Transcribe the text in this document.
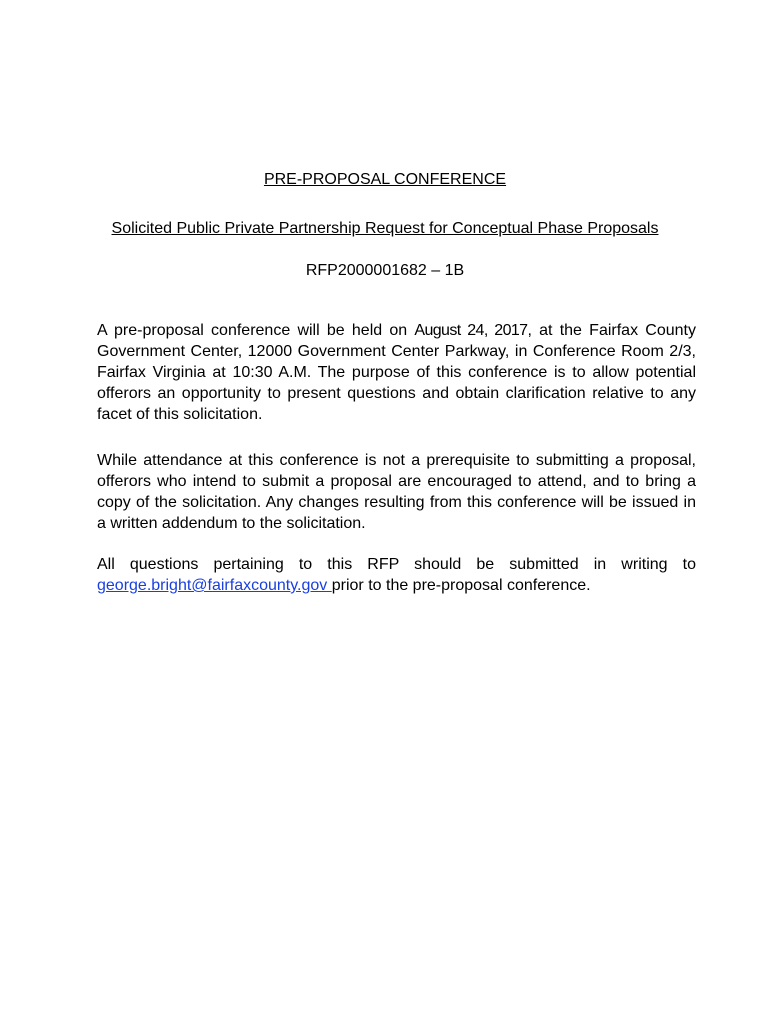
PRE-PROPOSAL CONFERENCE
Solicited Public Private Partnership Request for Conceptual Phase Proposals
RFP2000001682 – 1B

A pre-proposal conference will be held on August 24, 2017, at the Fairfax County Government Center, 12000 Government Center Parkway, in Conference Room 2/3, Fairfax Virginia at 10:30 A.M. The purpose of this conference is to allow potential offerors an opportunity to present questions and obtain clarification relative to any facet of this solicitation.

While attendance at this conference is not a prerequisite to submitting a proposal, offerors who intend to submit a proposal are encouraged to attend, and to bring a copy of the solicitation. Any changes resulting from this conference will be issued in a written addendum to the solicitation.

All questions pertaining to this RFP should be submitted in writing to george.bright@fairfaxcounty.gov prior to the pre-proposal conference.
